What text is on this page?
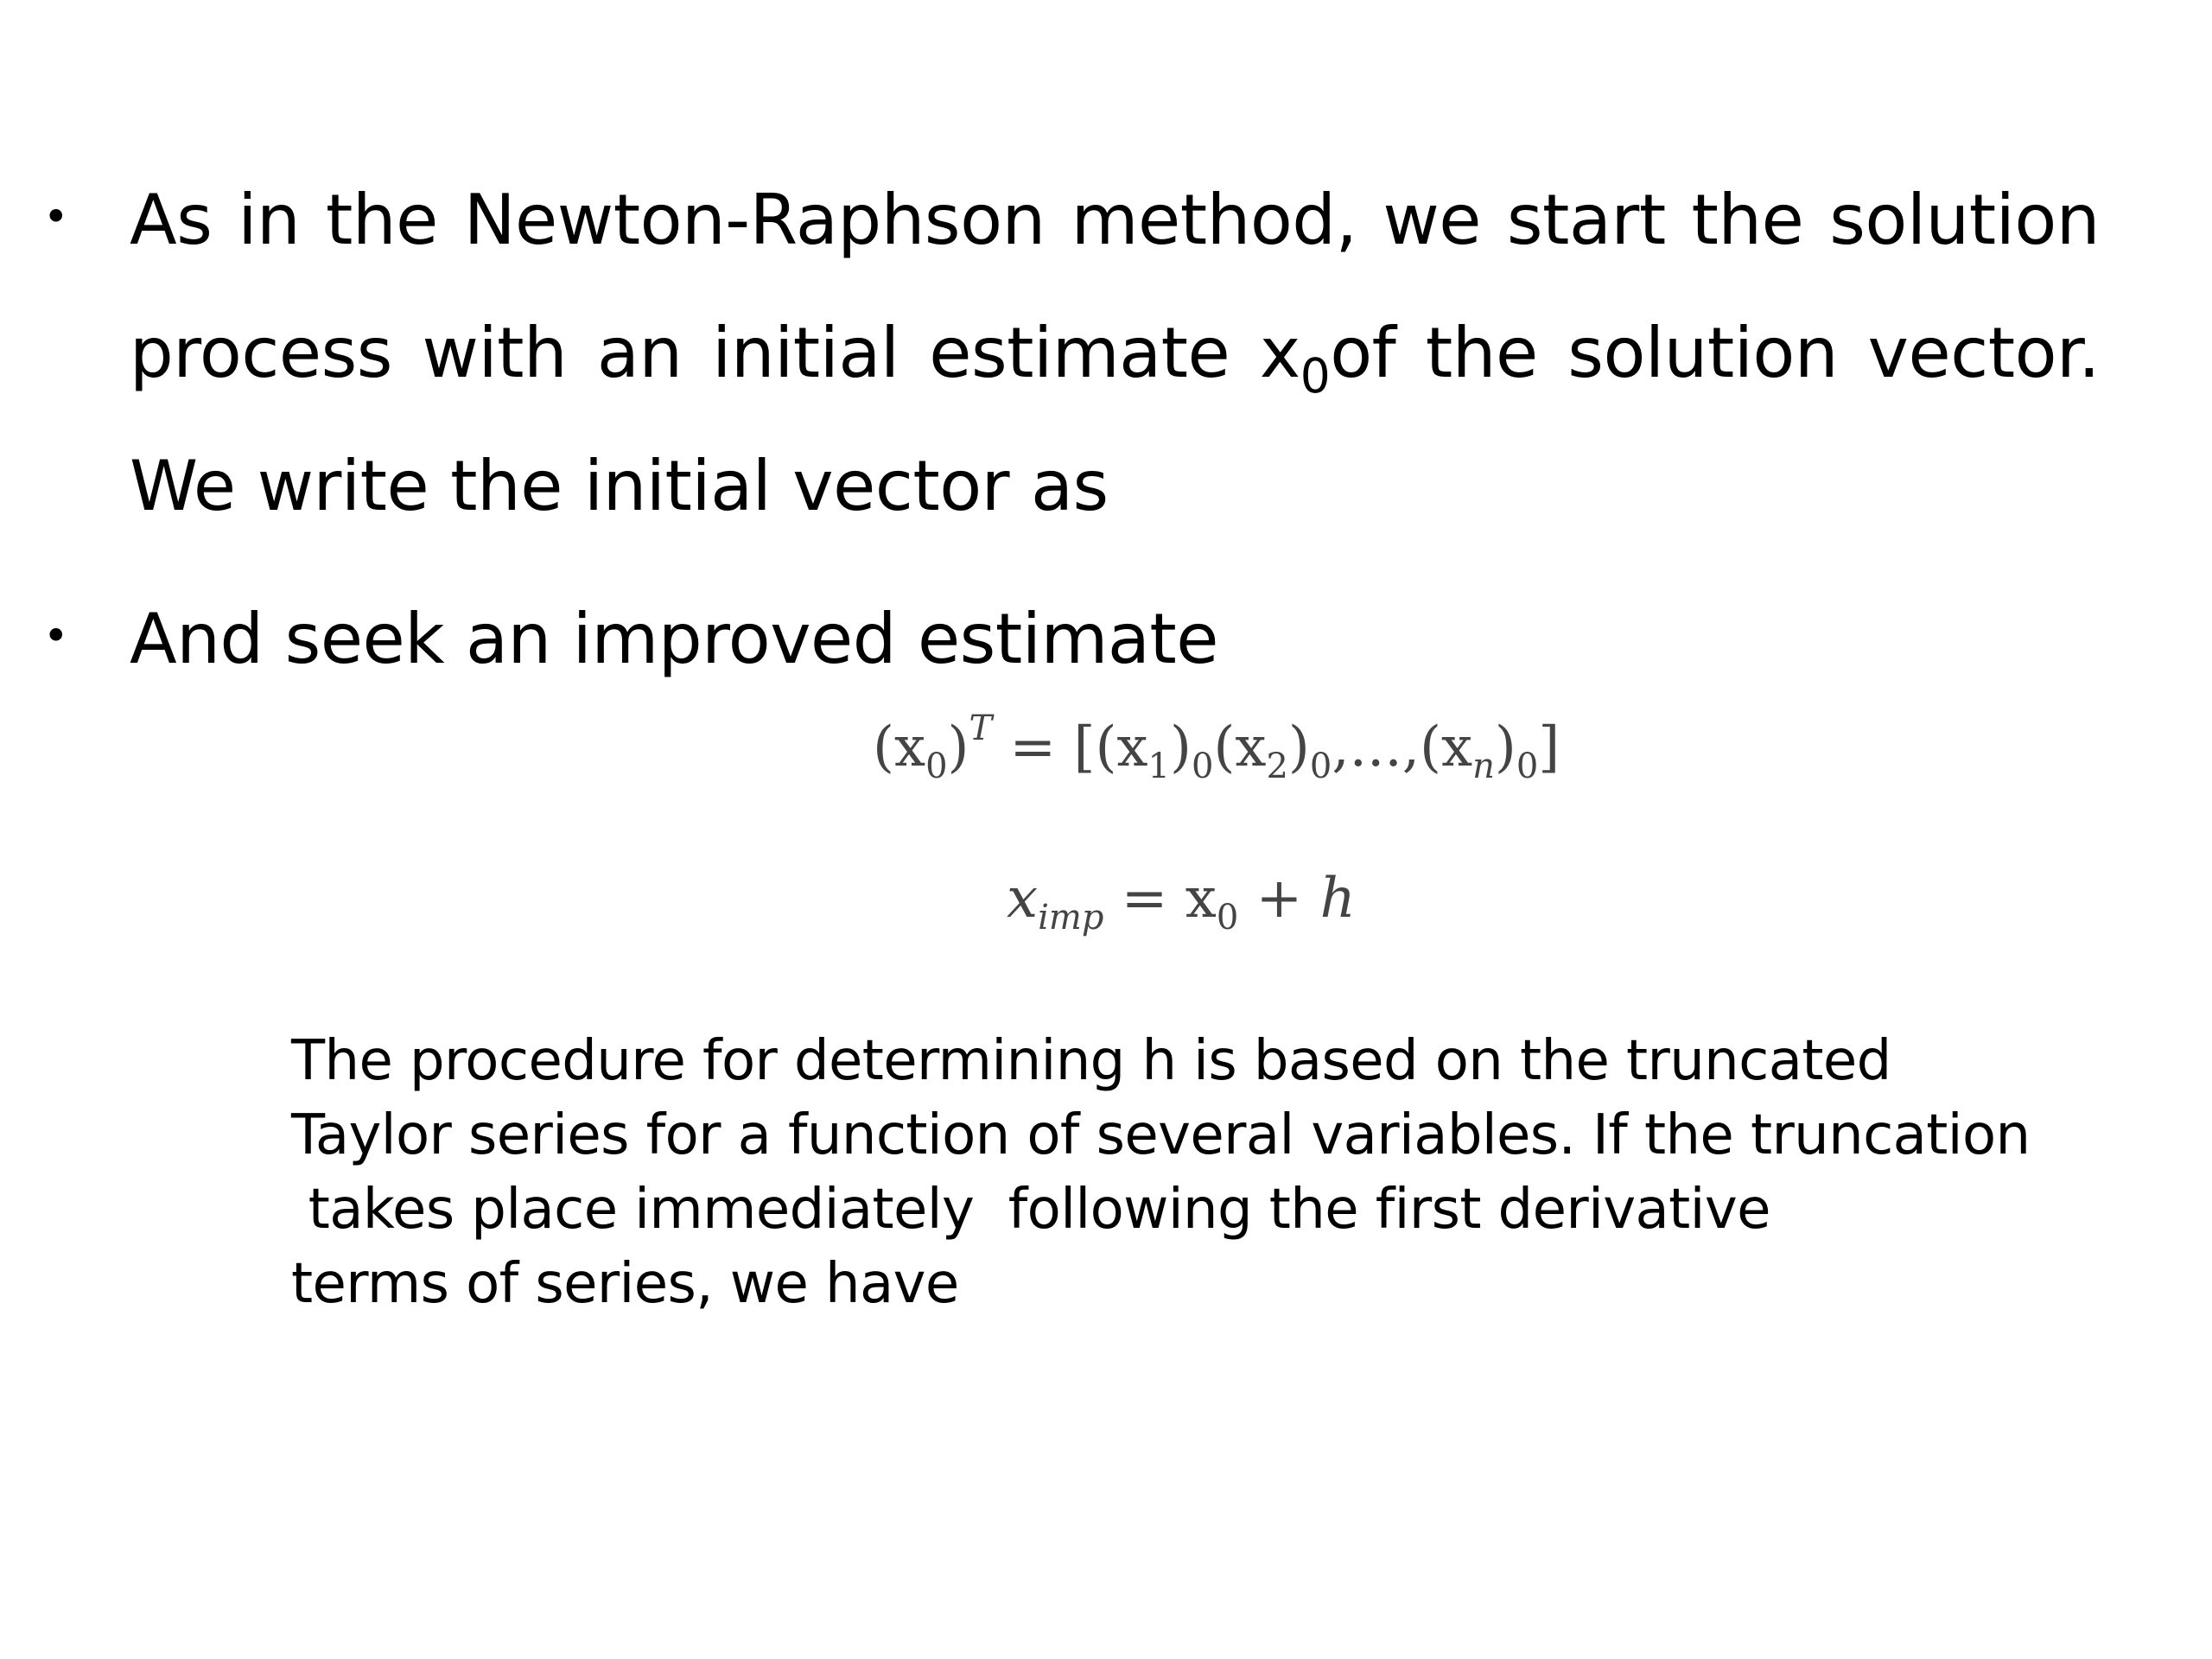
• As in the Newton-Raphson method, we start the solution
process with an initial estimate $x_0of$ the solution vector.
We write the initial vector as
• And seek an improved estimate
$(x_0)^T = [(x_1)_0(x_2)_0,...,(x_n)_0]$
$x_{imp} = x_0 + h$
The procedure for determining h is based on the truncated
Taylor series for a function of several variables. If the truncation
takes place immediately  following the first derivative
terms of series, we have
